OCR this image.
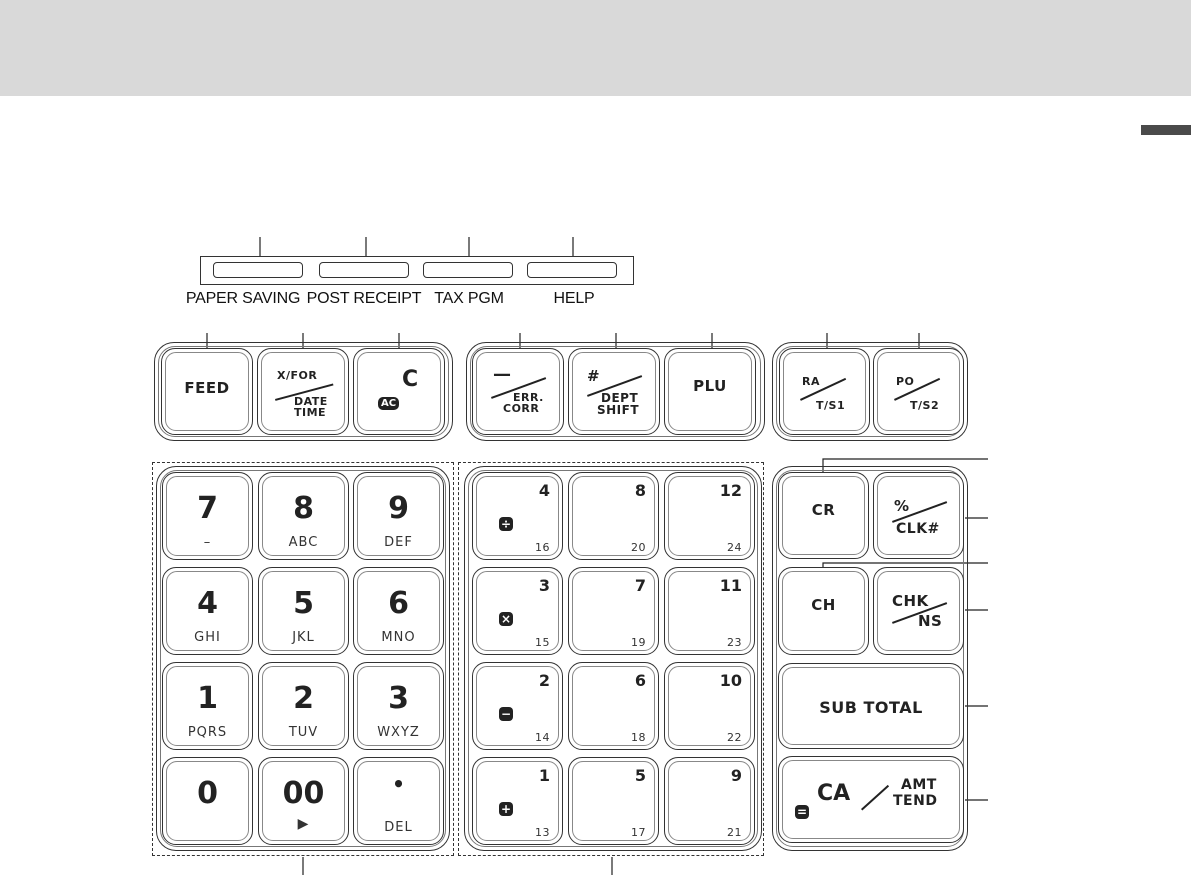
PAPER SAVING POST RECEIPT TAX PGM	HELP
FEED
X/FOR
DATE
TIME
C
AC
—
ERR.
CORR
#
DEPT
SHIFT
PLU	RA
T/S1
PO
T/S2
7
–
8
ABC
9
DEF
4
GHI
5
JKL
6
MNO
1
PQRS
2
TUV
3
WXYZ
0	00
▶
•
DEL
4
16
÷
8
20
12
24
3
15
×
7
19
11
23
2
14
−
6
18
10
22
1
13
+
5
17
9
21
CR	%
CLK#
CH	CHK
NS
SUB TOTAL
=
CA	AMT
TEND
